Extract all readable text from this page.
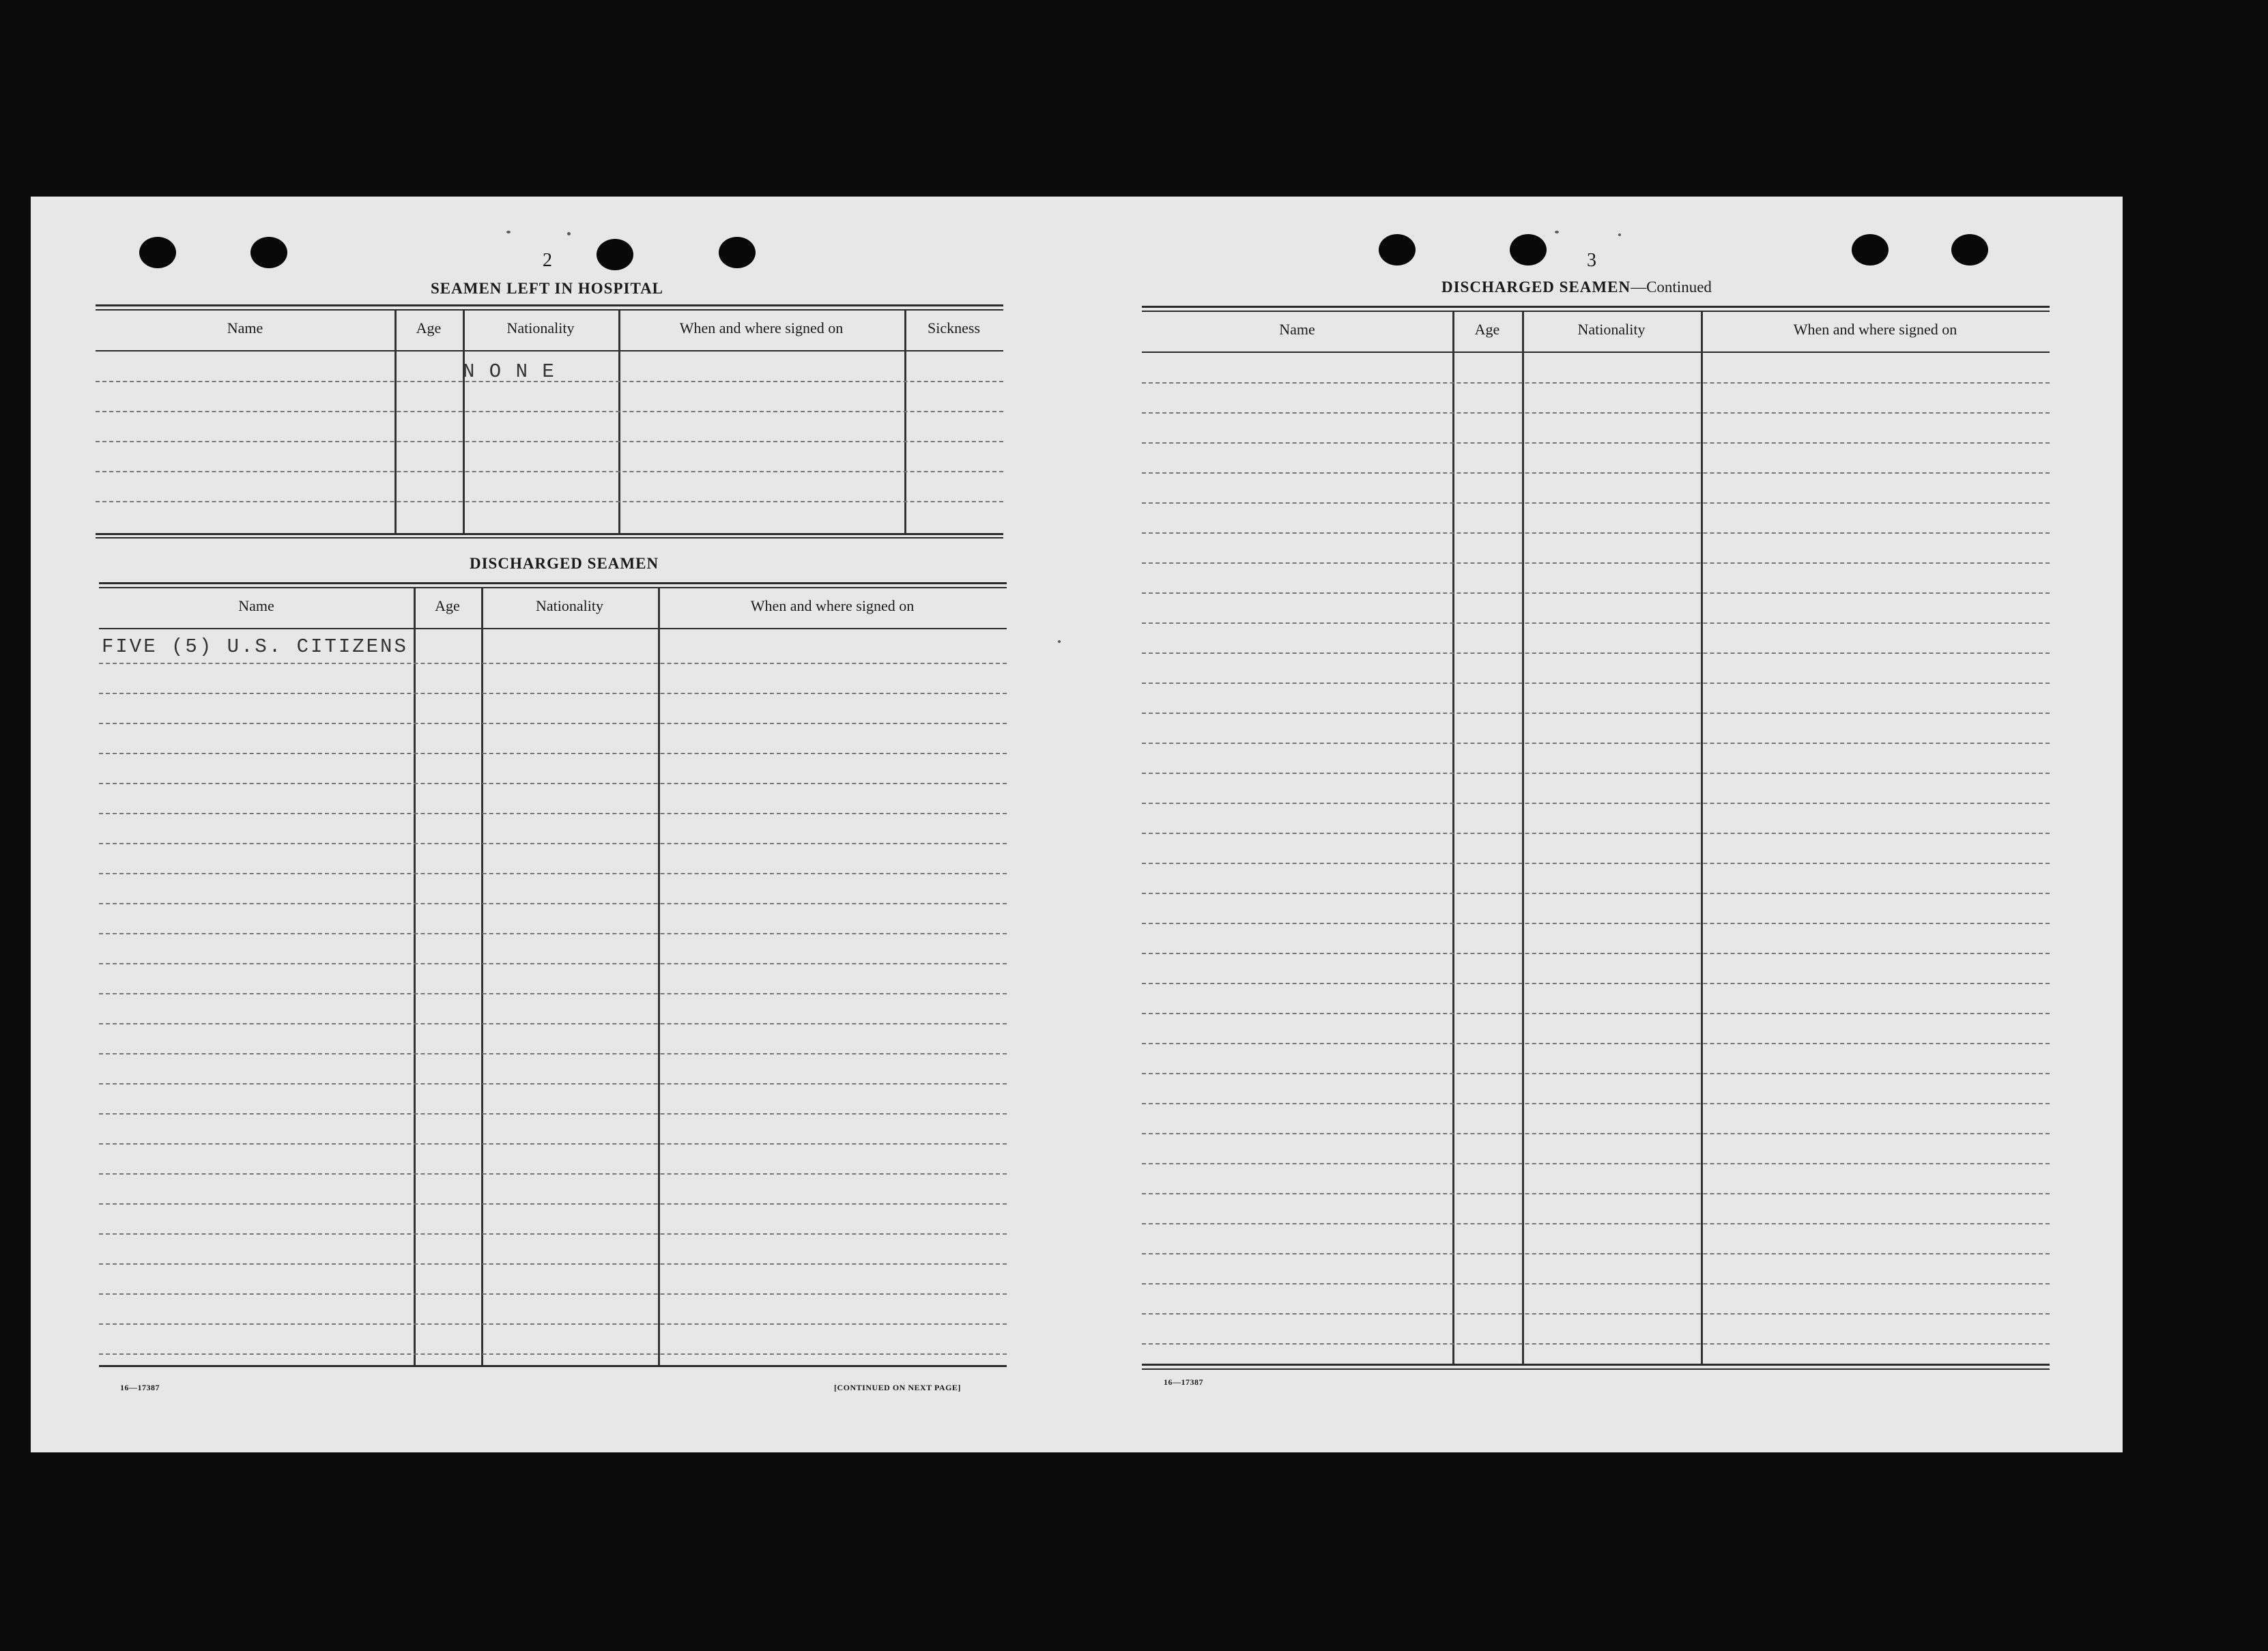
2
SEAMEN LEFT IN HOSPITAL
Name	Age	Nationality	When and where signed on	Sickness
N O N E
DISCHARGED SEAMEN
Name	Age	Nationality	When and where signed on
FIVE (5) U.S. CITIZENS
16—17387	[CONTINUED ON NEXT PAGE]
3
DISCHARGED SEAMEN—Continued
Name	Age	Nationality	When and where signed on
16—17387
